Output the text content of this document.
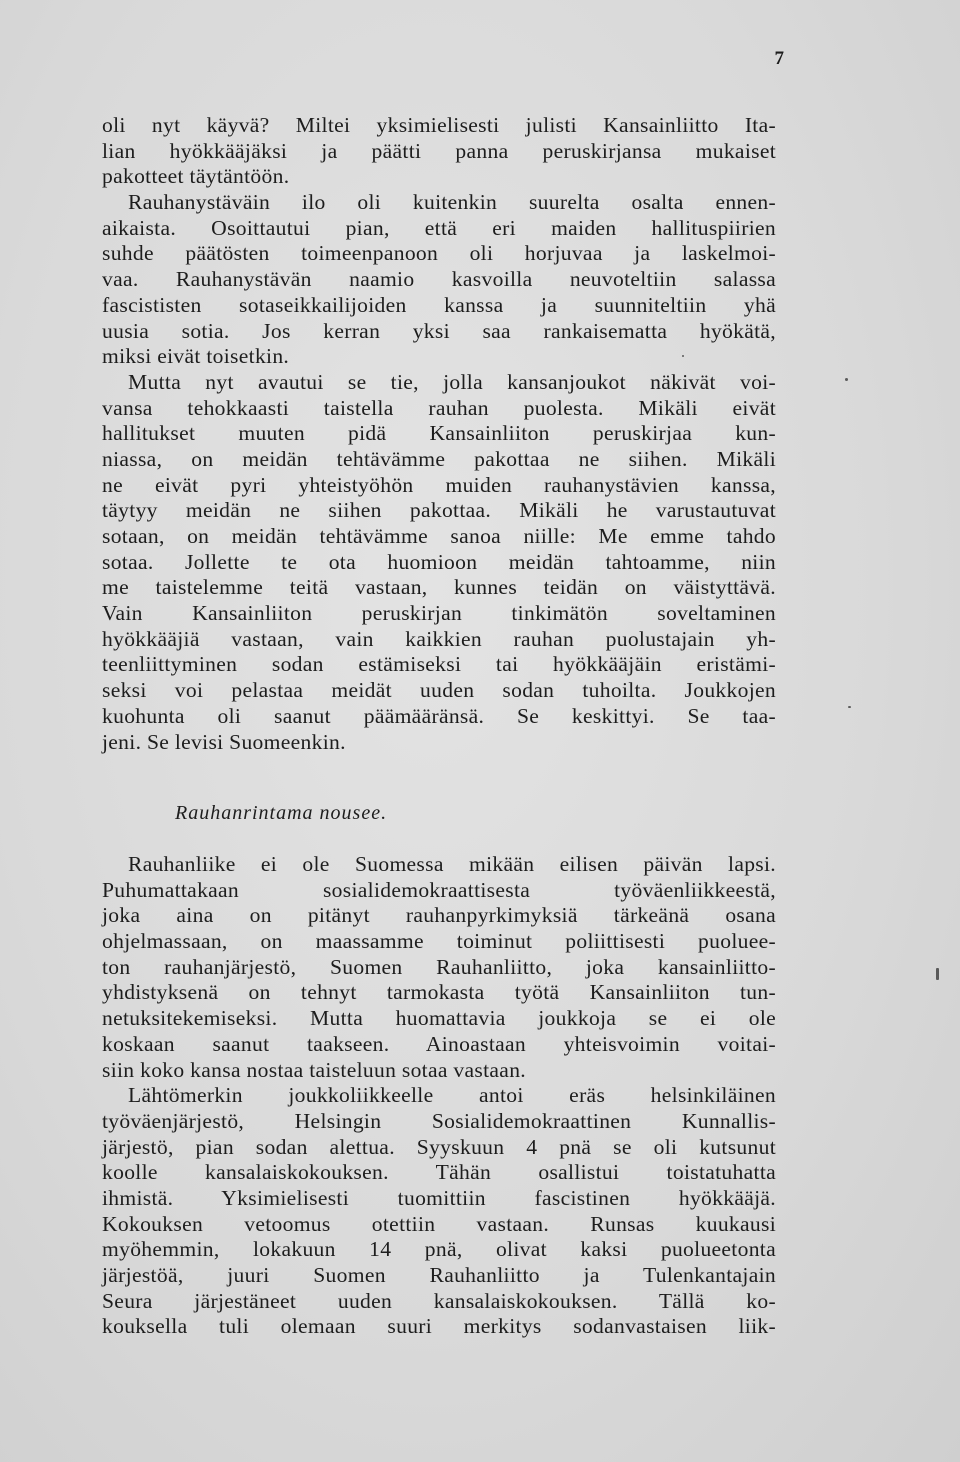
7
oli nyt käyvä? Miltei yksimielisesti julisti Kansainliitto Ita-
lian hyökkääjäksi ja päätti panna peruskirjansa mukaiset
pakotteet täytäntöön.
Rauhanystäväin ilo oli kuitenkin suurelta osalta ennen-
aikaista. Osoittautui pian, että eri maiden hallituspiirien
suhde päätösten toimeenpanoon oli horjuvaa ja laskelmoi-
vaa. Rauhanystävän naamio kasvoilla neuvoteltiin salassa
fascististen sotaseikkailijoiden kanssa ja suunniteltiin yhä
uusia sotia. Jos kerran yksi saa rankaisematta hyökätä,
miksi eivät toisetkin.
Mutta nyt avautui se tie, jolla kansanjoukot näkivät voi-
vansa tehokkaasti taistella rauhan puolesta. Mikäli eivät
hallitukset muuten pidä Kansainliiton peruskirjaa kun-
niassa, on meidän tehtävämme pakottaa ne siihen. Mikäli
ne eivät pyri yhteistyöhön muiden rauhanystävien kanssa,
täytyy meidän ne siihen pakottaa. Mikäli he varustautuvat
sotaan, on meidän tehtävämme sanoa niille: Me emme tahdo
sotaa. Jollette te ota huomioon meidän tahtoamme, niin
me taistelemme teitä vastaan, kunnes teidän on väistyttävä.
Vain Kansainliiton peruskirjan tinkimätön soveltaminen
hyökkääjiä vastaan, vain kaikkien rauhan puolustajain yh-
teenliittyminen sodan estämiseksi tai hyökkääjäin eristämi-
seksi voi pelastaa meidät uuden sodan tuhoilta. Joukkojen
kuohunta oli saanut päämääränsä. Se keskittyi. Se taa-
jeni. Se levisi Suomeenkin.
Rauhanrintama nousee.
Rauhanliike ei ole Suomessa mikään eilisen päivän lapsi.
Puhumattakaan sosialidemokraattisesta työväenliikkeestä,
joka aina on pitänyt rauhanpyrkimyksiä tärkeänä osana
ohjelmassaan, on maassamme toiminut poliittisesti puoluee-
ton rauhanjärjestö, Suomen Rauhanliitto, joka kansainliitto-
yhdistyksenä on tehnyt tarmokasta työtä Kansainliiton tun-
netuksitekemiseksi. Mutta huomattavia joukkoja se ei ole
koskaan saanut taakseen. Ainoastaan yhteisvoimin voitai-
siin koko kansa nostaa taisteluun sotaa vastaan.
Lähtömerkin joukkoliikkeelle antoi eräs helsinkiläinen
työväenjärjestö, Helsingin Sosialidemokraattinen Kunnallis-
järjestö, pian sodan alettua. Syyskuun 4 pnä se oli kutsunut
koolle kansalaiskokouksen. Tähän osallistui toistatuhatta
ihmistä. Yksimielisesti tuomittiin fascistinen hyökkääjä.
Kokouksen vetoomus otettiin vastaan. Runsas kuukausi
myöhemmin, lokakuun 14 pnä, olivat kaksi puolueetonta
järjestöä, juuri Suomen Rauhanliitto ja Tulenkantajain
Seura järjestäneet uuden kansalaiskokouksen. Tällä ko-
kouksella tuli olemaan suuri merkitys sodanvastaisen liik-
